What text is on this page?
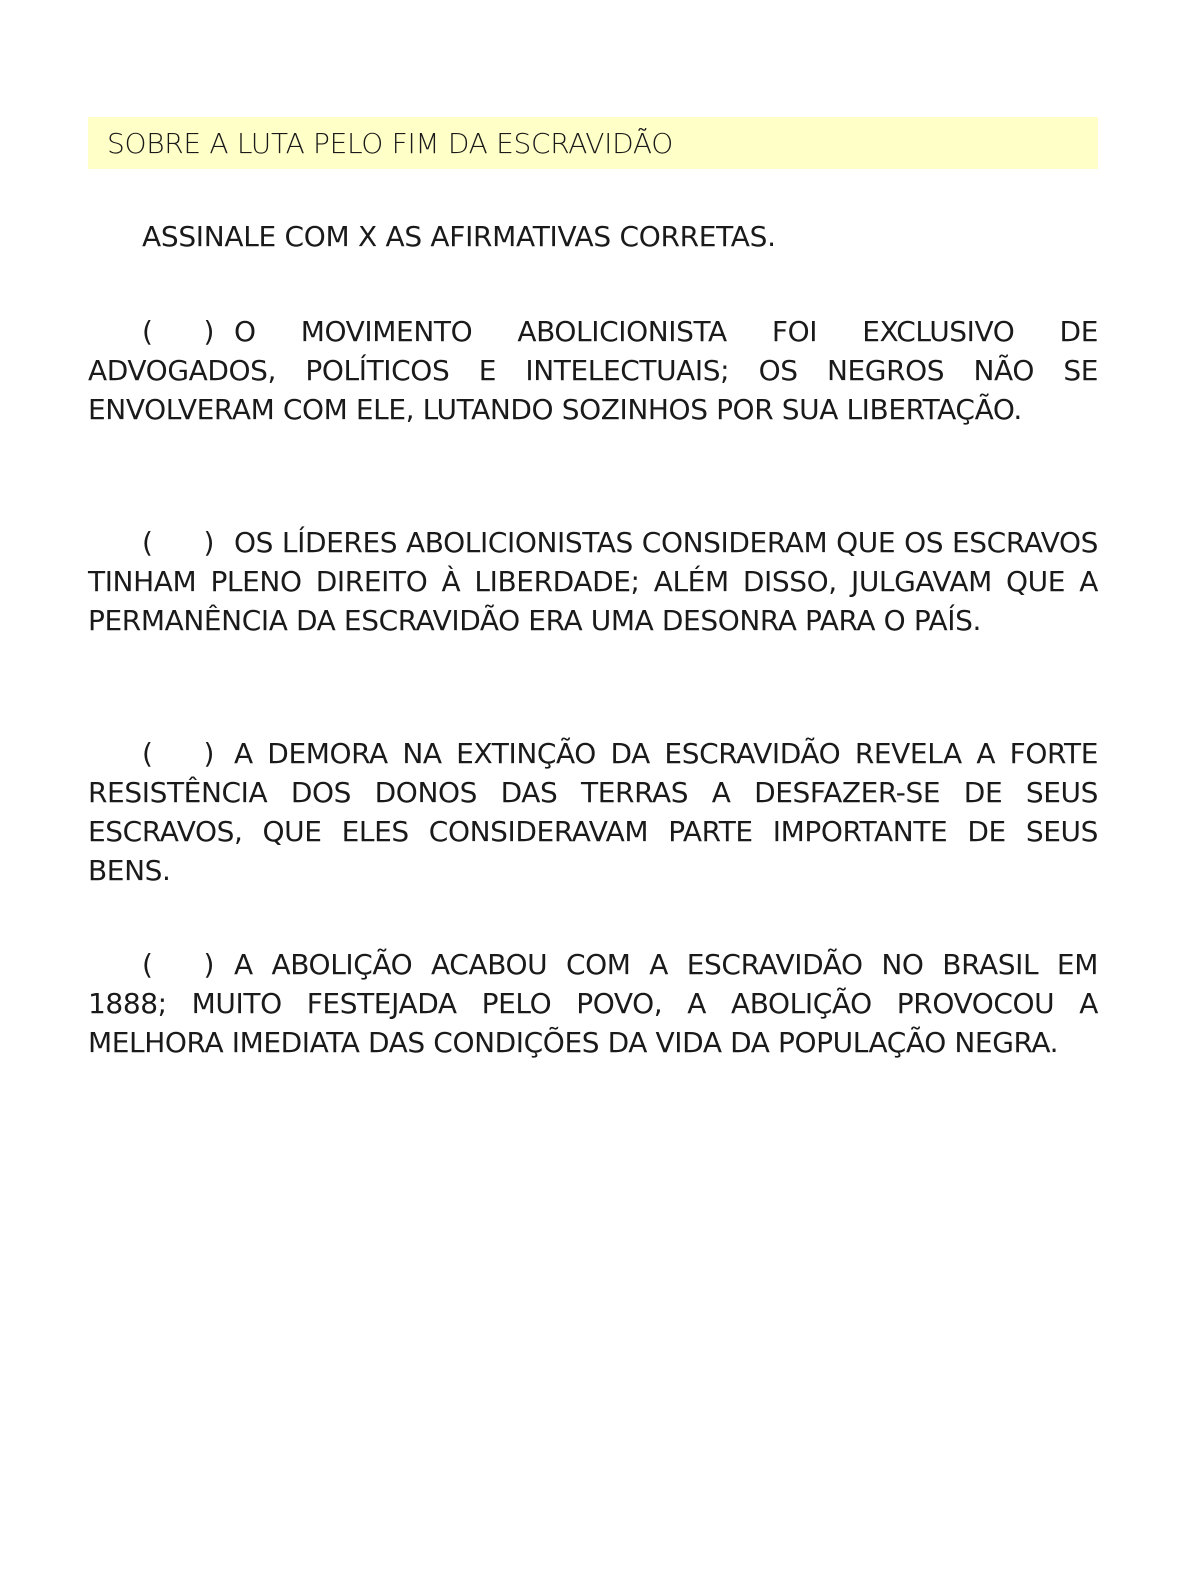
SOBRE A LUTA PELO FIM DA ESCRAVIDÃO
ASSINALE COM X AS AFIRMATIVAS CORRETAS.
(      ) O MOVIMENTO ABOLICIONISTA FOI EXCLUSIVO DE ADVOGADOS, POLÍTICOS E INTELECTUAIS; OS NEGROS NÃO SE ENVOLVERAM COM ELE, LUTANDO SOZINHOS POR SUA LIBERTAÇÃO.
(      ) OS LÍDERES ABOLICIONISTAS CONSIDERAM QUE OS ESCRAVOS TINHAM PLENO DIREITO À LIBERDADE; ALÉM DISSO, JULGAVAM QUE A PERMANÊNCIA DA ESCRAVIDÃO ERA UMA DESONRA PARA O PAÍS.
(      ) A DEMORA NA EXTINÇÃO DA ESCRAVIDÃO REVELA A FORTE RESISTÊNCIA DOS DONOS DAS TERRAS A DESFAZER-SE DE SEUS ESCRAVOS, QUE ELES CONSIDERAVAM PARTE IMPORTANTE DE SEUS BENS.
(      ) A ABOLIÇÃO ACABOU COM A ESCRAVIDÃO NO BRASIL EM 1888; MUITO FESTEJADA PELO POVO, A ABOLIÇÃO PROVOCOU A MELHORA IMEDIATA DAS CONDIÇÕES DA VIDA DA POPULAÇÃO NEGRA.
